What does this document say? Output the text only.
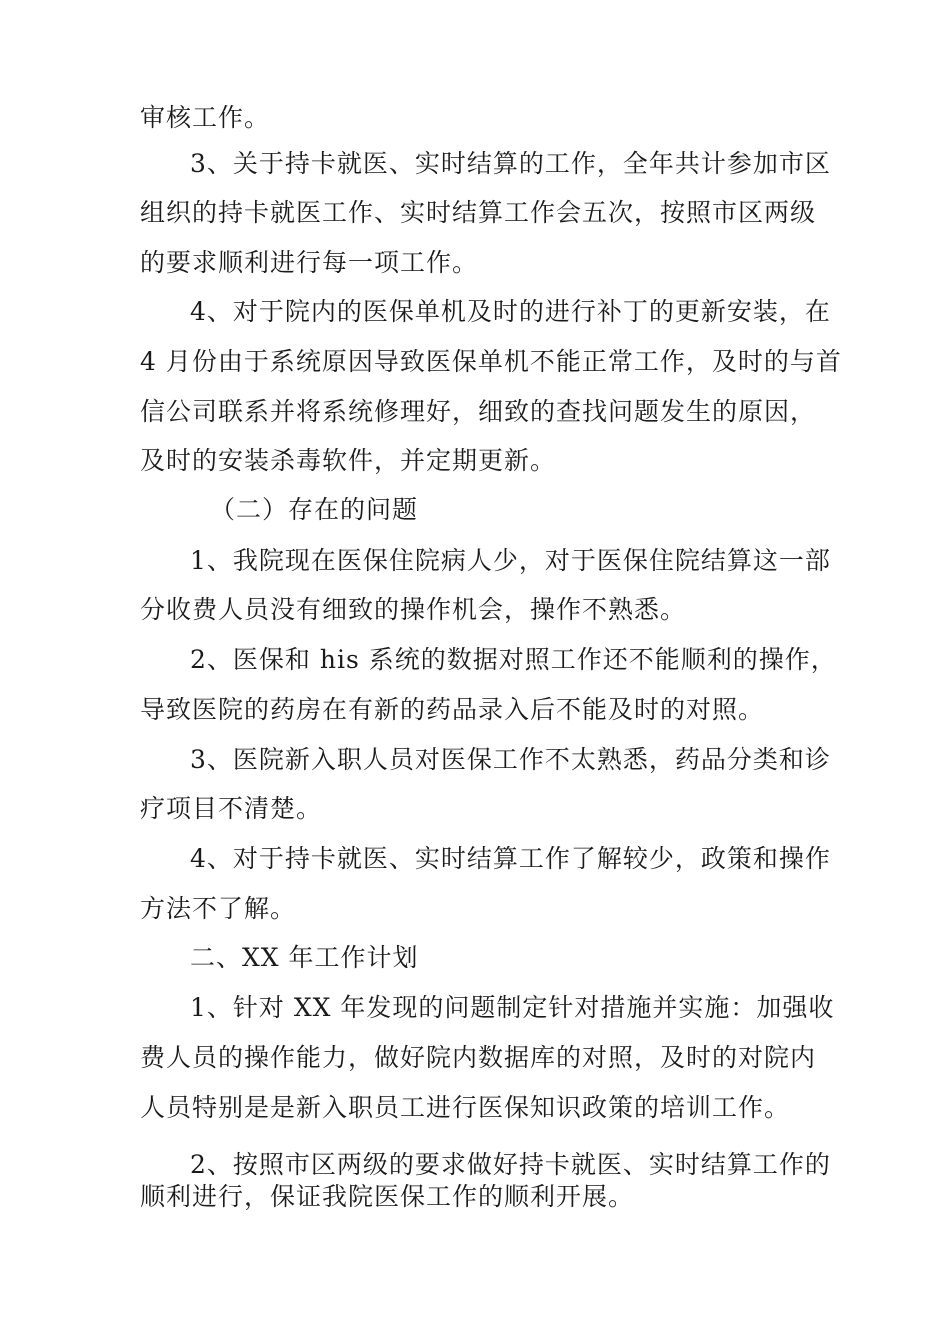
审核工作。
3、关于持卡就医、实时结算的工作，全年共计参加市区
组织的持卡就医工作、实时结算工作会五次，按照市区两级
的要求顺利进行每一项工作。
4、对于院内的医保单机及时的进行补丁的更新安装，在
4 月份由于系统原因导致医保单机不能正常工作，及时的与首
信公司联系并将系统修理好，细致的查找问题发生的原因，
及时的安装杀毒软件，并定期更新。
（二）存在的问题
1、我院现在医保住院病人少，对于医保住院结算这一部
分收费人员没有细致的操作机会，操作不熟悉。
2、医保和 his 系统的数据对照工作还不能顺利的操作，
导致医院的药房在有新的药品录入后不能及时的对照。
3、医院新入职人员对医保工作不太熟悉，药品分类和诊
疗项目不清楚。
4、对于持卡就医、实时结算工作了解较少，政策和操作
方法不了解。
二、XX 年工作计划
1、针对 XX 年发现的问题制定针对措施并实施：加强收
费人员的操作能力，做好院内数据库的对照，及时的对院内
人员特别是是新入职员工进行医保知识政策的培训工作。
2、按照市区两级的要求做好持卡就医、实时结算工作的
顺利进行，保证我院医保工作的顺利开展。
